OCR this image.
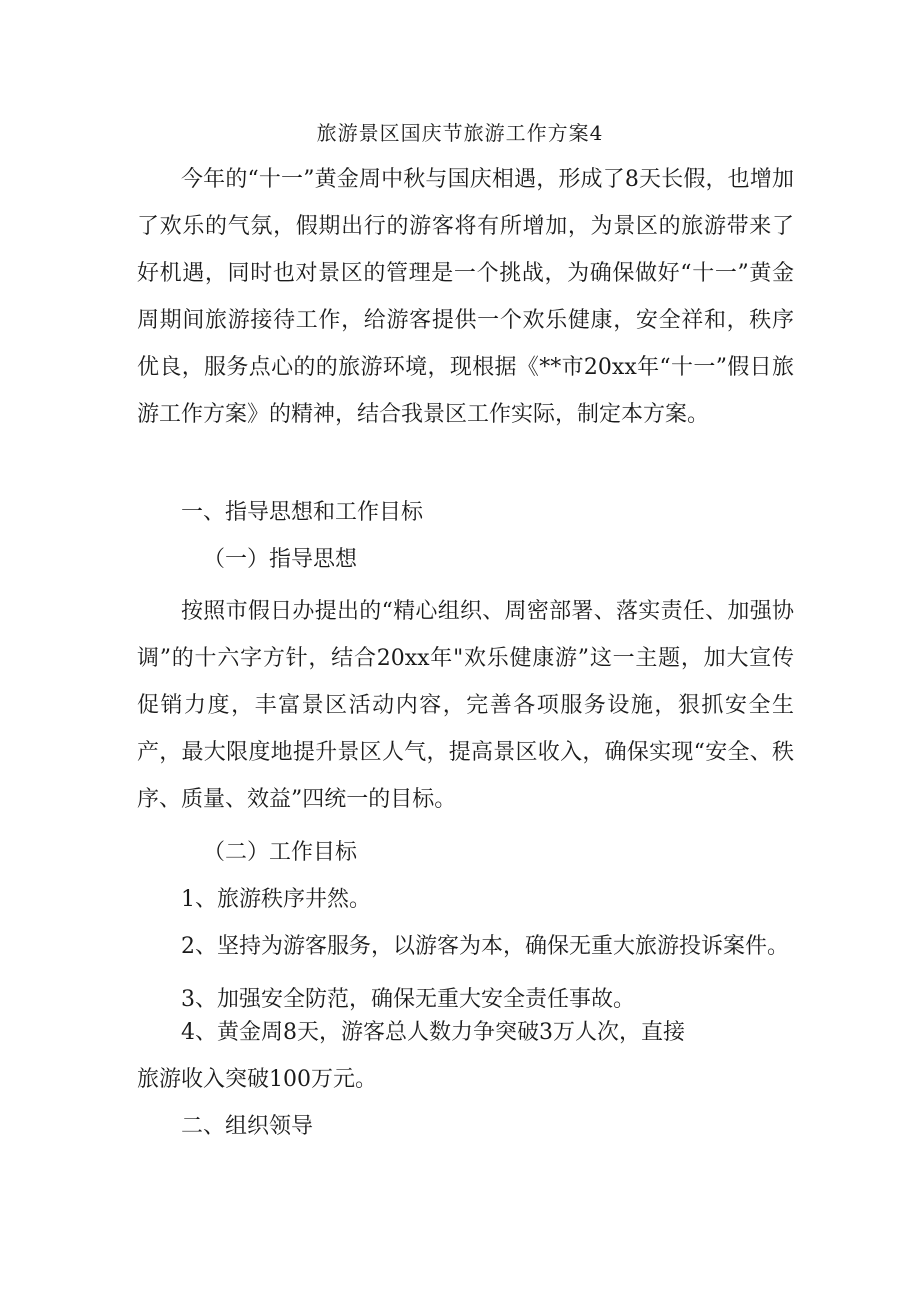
旅游景区国庆节旅游工作方案4

今年的“十一”黄金周中秋与国庆相遇，形成了8天长假，也增加了欢乐的气氛，假期出行的游客将有所增加，为景区的旅游带来了好机遇，同时也对景区的管理是一个挑战，为确保做好“十一”黄金周期间旅游接待工作，给游客提供一个欢乐健康，安全祥和，秩序优良，服务点心的的旅游环境，现根据《**市20xx年“十一”假日旅游工作方案》的精神，结合我景区工作实际，制定本方案。

一、指导思想和工作目标

（一）指导思想

按照市假日办提出的“精心组织、周密部署、落实责任、加强协调”的十六字方针，结合20xx年"欢乐健康游”这一主题，加大宣传促销力度，丰富景区活动内容，完善各项服务设施，狠抓安全生产，最大限度地提升景区人气，提高景区收入，确保实现“安全、秩序、质量、效益”四统一的目标。

（二）工作目标

1、旅游秩序井然。

2、坚持为游客服务，以游客为本，确保无重大旅游投诉案件。

3、加强安全防范，确保无重大安全责任事故。

4、黄金周8天，游客总人数力争突破3万人次，直接

旅游收入突破100万元。

二、组织领导
